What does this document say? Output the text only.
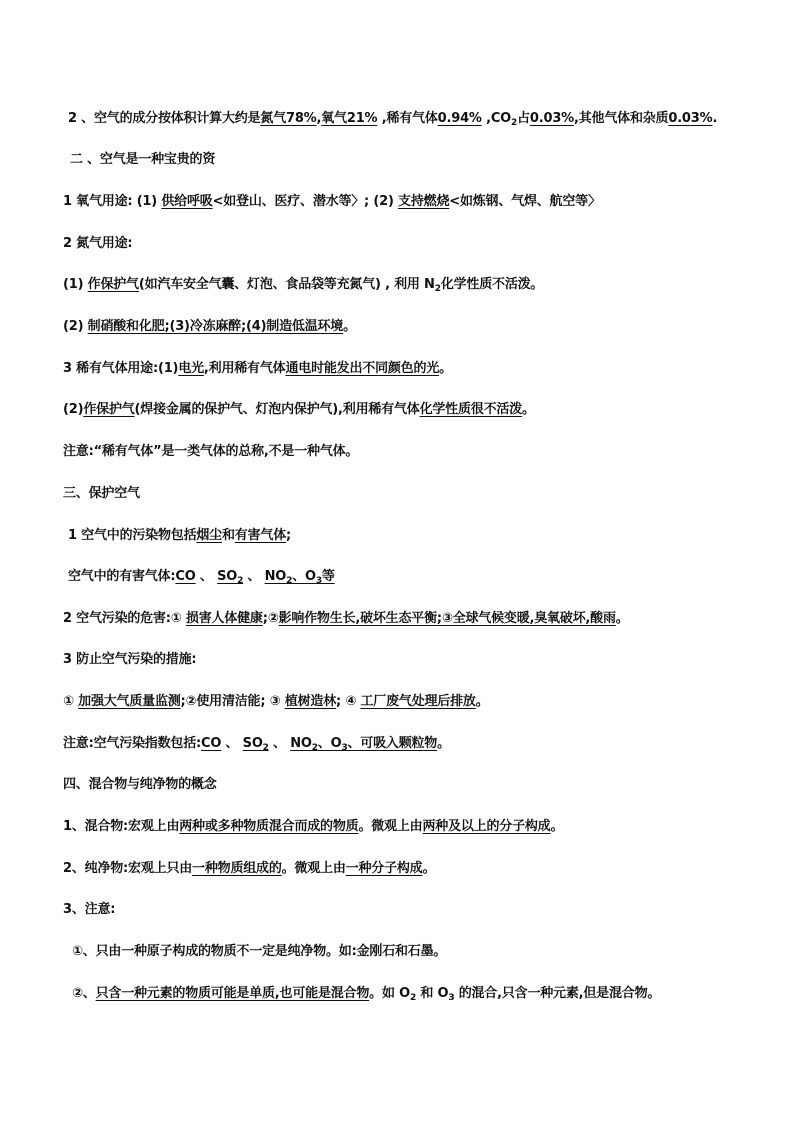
2 、空气的成分按体积计算大约是氮气78%,氧气21% ,稀有气体0.94% $,CO_2$占0.03%,其他气体和杂质0.03%.
二 、空气是一种宝贵的资
1 氧气用途: (1) 供给呼吸<如登山、医疗、潜水等〉; (2) 支持燃烧<如炼钢、气焊、航空等〉
2 氮气用途:
(1) 作保护气(如汽车安全气囊、灯泡、食品袋等充氮气) , 利用 $N_2$化学性质不活泼。
(2) 制硝酸和化肥;(3)冷冻麻醉;(4)制造低温环境。
3 稀有气体用途:(1)电光,利用稀有气体通电时能发出不同颜色的光。
(2)作保护气(焊接金属的保护气、灯泡内保护气),利用稀有气体化学性质很不活泼。
注意:“稀有气体”是一类气体的总称,不是一种气体。
三、保护空气
1 空气中的污染物包括烟尘和有害气体;
空气中的有害气体:CO 、 $SO_2$ 、 $NO_2$、$O_3$等
2 空气污染的危害:① 损害人体健康;②影响作物生长,破坏生态平衡;③全球气候变暖,臭氧破坏,酸雨。
3 防止空气污染的措施:
① 加强大气质量监测;②使用清洁能; ③ 植树造林; ④ 工厂废气处理后排放。
注意:空气污染指数包括:CO 、 $SO_2$ 、 $NO_2$、$O_3$、可吸入颗粒物。
四、混合物与纯净物的概念
1、混合物:宏观上由两种或多种物质混合而成的物质。微观上由两种及以上的分子构成。
2、纯净物:宏观上只由一种物质组成的。微观上由一种分子构成。
3、注意:
①、只由一种原子构成的物质不一定是纯净物。如:金刚石和石墨。
②、只含一种元素的物质可能是单质,也可能是混合物。如 $O_2$ 和 $O_3$ 的混合,只含一种元素,但是混合物。
